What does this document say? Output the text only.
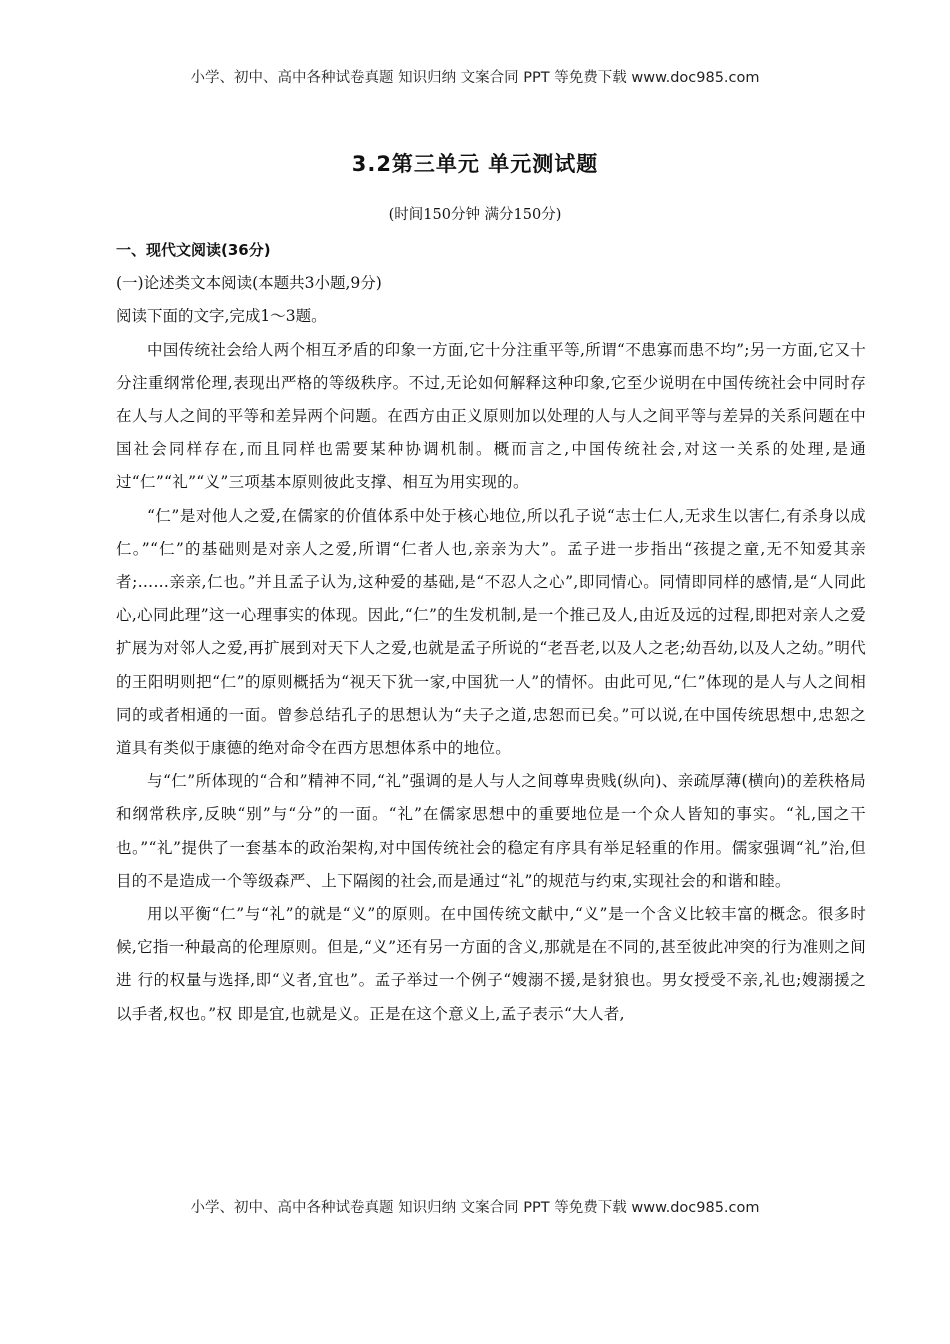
小学、初中、高中各种试卷真题 知识归纳 文案合同 PPT 等免费下载 www.doc985.com
3.2第三单元 单元测试题
(时间150分钟 满分150分)

一、现代文阅读(36分)

(一)论述类文本阅读(本题共3小题,9分)

阅读下面的文字,完成1～3题。

中国传统社会给人两个相互矛盾的印象一方面,它十分注重平等,所谓“不患寡而患不均”;另一方面,它又十分注重纲常伦理,表现出严格的等级秩序。不过,无论如何解释这种印象,它至少说明在中国传统社会中同时存在人与人之间的平等和差异两个问题。在西方由正义原则加以处理的人与人之间平等与差异的关系问题在中国社会同样存在,而且同样也需要某种协调机制。概而言之,中国传统社会,对这一关系的处理,是通过“仁”“礼”“义”三项基本原则彼此支撑、相互为用实现的。

“仁”是对他人之爱,在儒家的价值体系中处于核心地位,所以孔子说“志士仁人,无求生以害仁,有杀身以成仁。”“仁”的基础则是对亲人之爱,所谓“仁者人也,亲亲为大”。孟子进一步指出“孩提之童,无不知爱其亲者;……亲亲,仁也。”并且孟子认为,这种爱的基础,是“不忍人之心”,即同情心。同情即同样的感情,是“人同此心,心同此理”这一心理事实的体现。因此,“仁”的生发机制,是一个推己及人,由近及远的过程,即把对亲人之爱扩展为对邻人之爱,再扩展到对天下人之爱,也就是孟子所说的“老吾老,以及人之老;幼吾幼,以及人之幼。”明代的王阳明则把“仁”的原则概括为“视天下犹一家,中国犹一人”的情怀。由此可见,“仁”体现的是人与人之间相同的或者相通的一面。曾参总结孔子的思想认为“夫子之道,忠恕而已矣。”可以说,在中国传统思想中,忠恕之道具有类似于康德的绝对命令在西方思想体系中的地位。

与“仁”所体现的“合和”精神不同,“礼”强调的是人与人之间尊卑贵贱(纵向)、亲疏厚薄(横向)的差秩格局和纲常秩序,反映“别”与“分”的一面。“礼”在儒家思想中的重要地位是一个众人皆知的事实。“礼,国之干也。”“礼”提供了一套基本的政治架构,对中国传统社会的稳定有序具有举足轻重的作用。儒家强调“礼”治,但目的不是造成一个等级森严、上下隔阂的社会,而是通过“礼”的规范与约束,实现社会的和谐和睦。

用以平衡“仁”与“礼”的就是“义”的原则。在中国传统文献中,“义”是一个含义比较丰富的概念。很多时候,它指一种最高的伦理原则。但是,“义”还有另一方面的含义,那就是在不同的,甚至彼此冲突的行为准则之间进 行的权量与选择,即“义者,宜也”。孟子举过一个例子“嫂溺不援,是豺狼也。男女授受不亲,礼也;嫂溺援之以手者,权也。”权 即是宜,也就是义。正是在这个意义上,孟子表示“大人者,

小学、初中、高中各种试卷真题 知识归纳 文案合同 PPT 等免费下载 www.doc985.com
